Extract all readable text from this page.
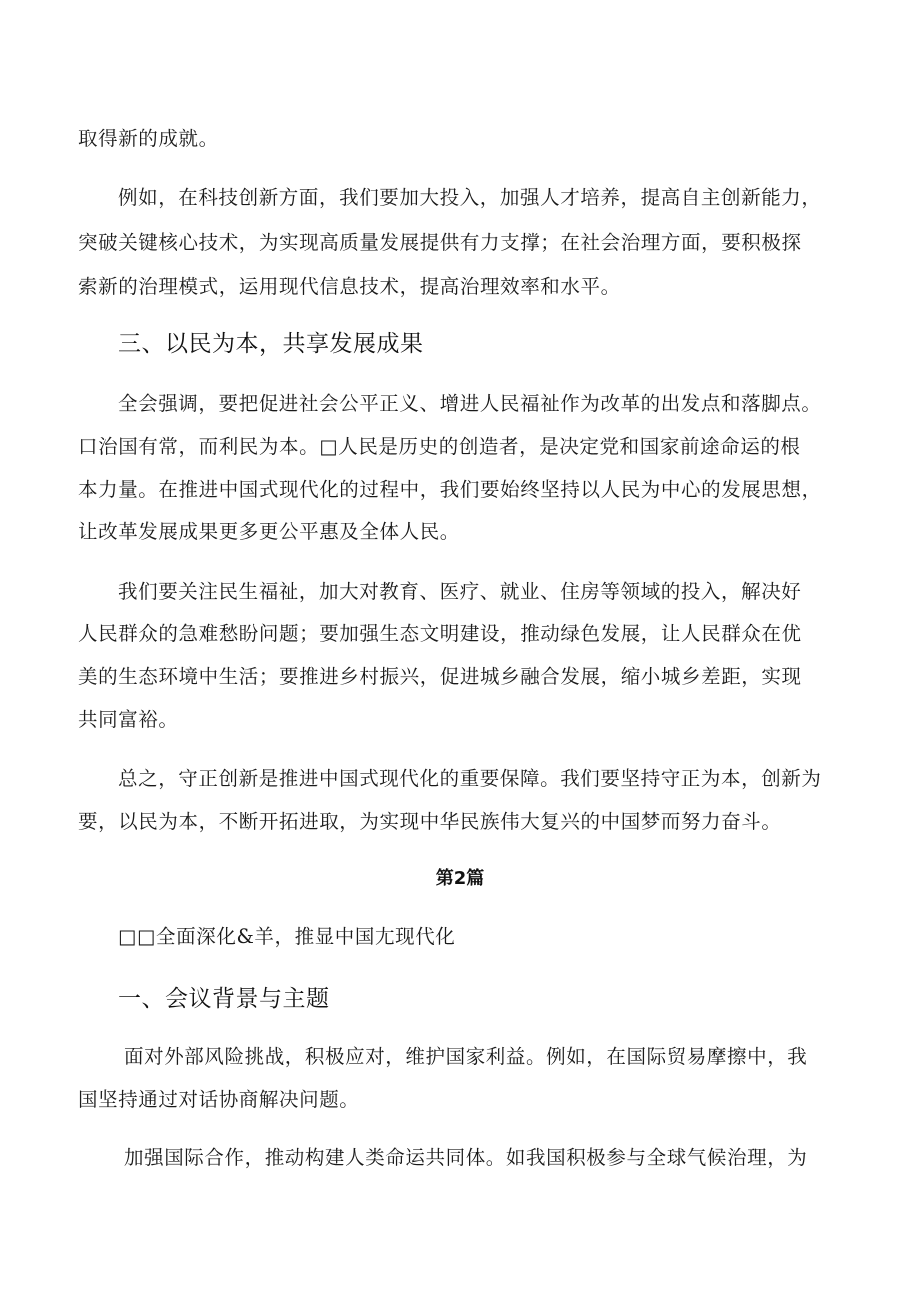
取得新的成就。
例如，在科技创新方面，我们要加大投入，加强人才培养，提高自主创新能力，
突破关键核心技术，为实现高质量发展提供有力支撑；在社会治理方面，要积极探
索新的治理模式，运用现代信息技术，提高治理效率和水平。
三、以民为本，共享发展成果
全会强调，要把促进社会公平正义、增进人民福祉作为改革的出发点和落脚点。
口治国有常，而利民为本。□人民是历史的创造者，是决定党和国家前途命运的根
本力量。在推进中国式现代化的过程中，我们要始终坚持以人民为中心的发展思想，
让改革发展成果更多更公平惠及全体人民。
我们要关注民生福祉，加大对教育、医疗、就业、住房等领域的投入，解决好
人民群众的急难愁盼问题；要加强生态文明建设，推动绿色发展，让人民群众在优
美的生态环境中生活；要推进乡村振兴，促进城乡融合发展，缩小城乡差距，实现
共同富裕。
总之，守正创新是推进中国式现代化的重要保障。我们要坚持守正为本，创新为
要，以民为本，不断开拓进取，为实现中华民族伟大复兴的中国梦而努力奋斗。
第2篇
□□全面深化&羊，推显中国尢现代化
一、会议背景与主题
面对外部风险挑战，积极应对，维护国家利益。例如，在国际贸易摩擦中，我
国坚持通过对话协商解决问题。
加强国际合作，推动构建人类命运共同体。如我国积极参与全球气候治理，为
